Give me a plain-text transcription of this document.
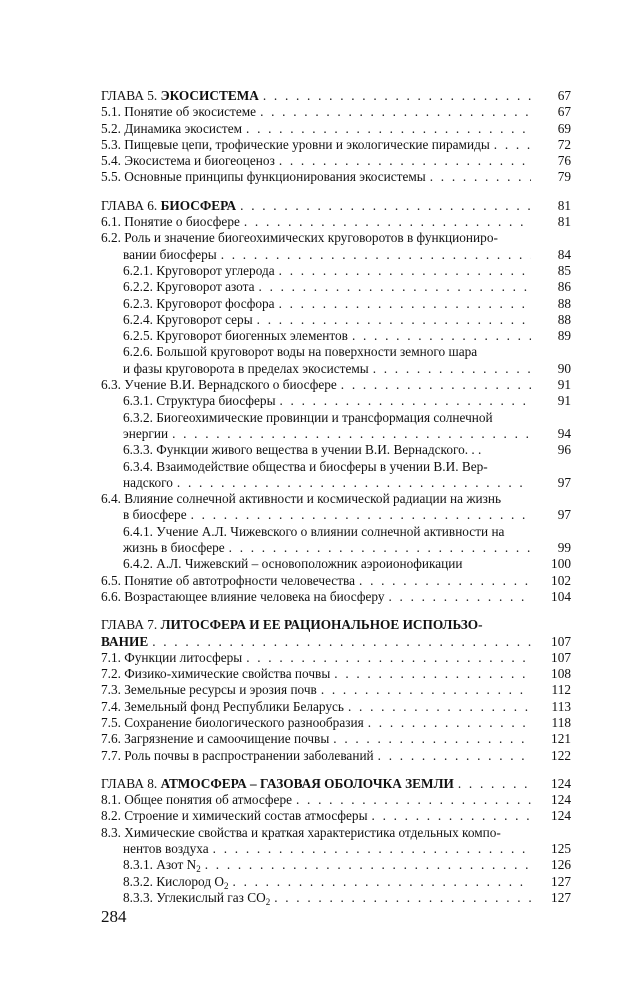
ГЛАВА 5. ЭКОСИСТЕМА . . .	67
5.1. Понятие об экосистеме . . .	67
5.2. Динамика экосистем . . .	69
5.3. Пищевые цепи, трофические уровни и экологические пирамиды . . .	72
5.4. Экосистема и биогеоценоз . . .	76
5.5. Основные принципы функционирования экосистемы . . .	79
ГЛАВА 6. БИОСФЕРА . . .	81
6.1. Понятие о биосфере . . .	81
6.2. Роль и значение биогеохимических круговоротов в функциониро-
вании биосферы . . .	84
6.2.1. Круговорот углерода . . .	85
6.2.2. Круговорот азота . . .	86
6.2.3. Круговорот фосфора . . .	88
6.2.4. Круговорот серы . . .	88
6.2.5. Круговорот биогенных элементов . . .	89
6.2.6. Большой круговорот воды на поверхности земного шара
и фазы круговорота в пределах экосистемы . . .	90
6.3. Учение В.И. Вернадского о биосфере . . .	91
6.3.1. Структура биосферы . . .	91
6.3.2. Биогеохимические провинции и трансформация солнечной
энергии . . .	94
6.3.3. Функции живого вещества в учении В.И. Вернадского. . .	96
6.3.4. Взаимодействие общества и биосферы в учении В.И. Вер-
надского . . .	97
6.4. Влияние солнечной активности и космической радиации на жизнь
в биосфере . . .	97
6.4.1. Учение А.Л. Чижевского о влиянии солнечной активности на
жизнь в биосфере . . .	99
6.4.2. А.Л. Чижевский – основоположник аэроионофикации	100
6.5. Понятие об автотрофности человечества . . .	102
6.6. Возрастающее влияние человека на биосферу . . .	104
ГЛАВА 7. ЛИТОСФЕРА И ЕЕ РАЦИОНАЛЬНОЕ ИСПОЛЬЗО-
ВАНИЕ . . .	107
7.1. Функции литосферы . . .	107
7.2. Физико-химические свойства почвы . . .	108
7.3. Земельные ресурсы и эрозия почв . . .	112
7.4. Земельный фонд Республики Беларусь . . .	113
7.5. Сохранение биологического разнообразия . . .	118
7.6. Загрязнение и самоочищение почвы . . .	121
7.7. Роль почвы в распространении заболеваний . . .	122
ГЛАВА 8. АТМОСФЕРА – ГАЗОВАЯ ОБОЛОЧКА ЗЕМЛИ . . .	124
8.1. Общее понятия об атмосфере . . .	124
8.2. Строение и химический состав атмосферы . . .	124
8.3. Химические свойства и краткая характеристика отдельных компо-
нентов воздуха . . .	125
8.3.1. Азот $N_2$ . . .	126
8.3.2. Кислород $O_2$ . . .	127
8.3.3. Углекислый газ $CO_2$ . . .	127
284
